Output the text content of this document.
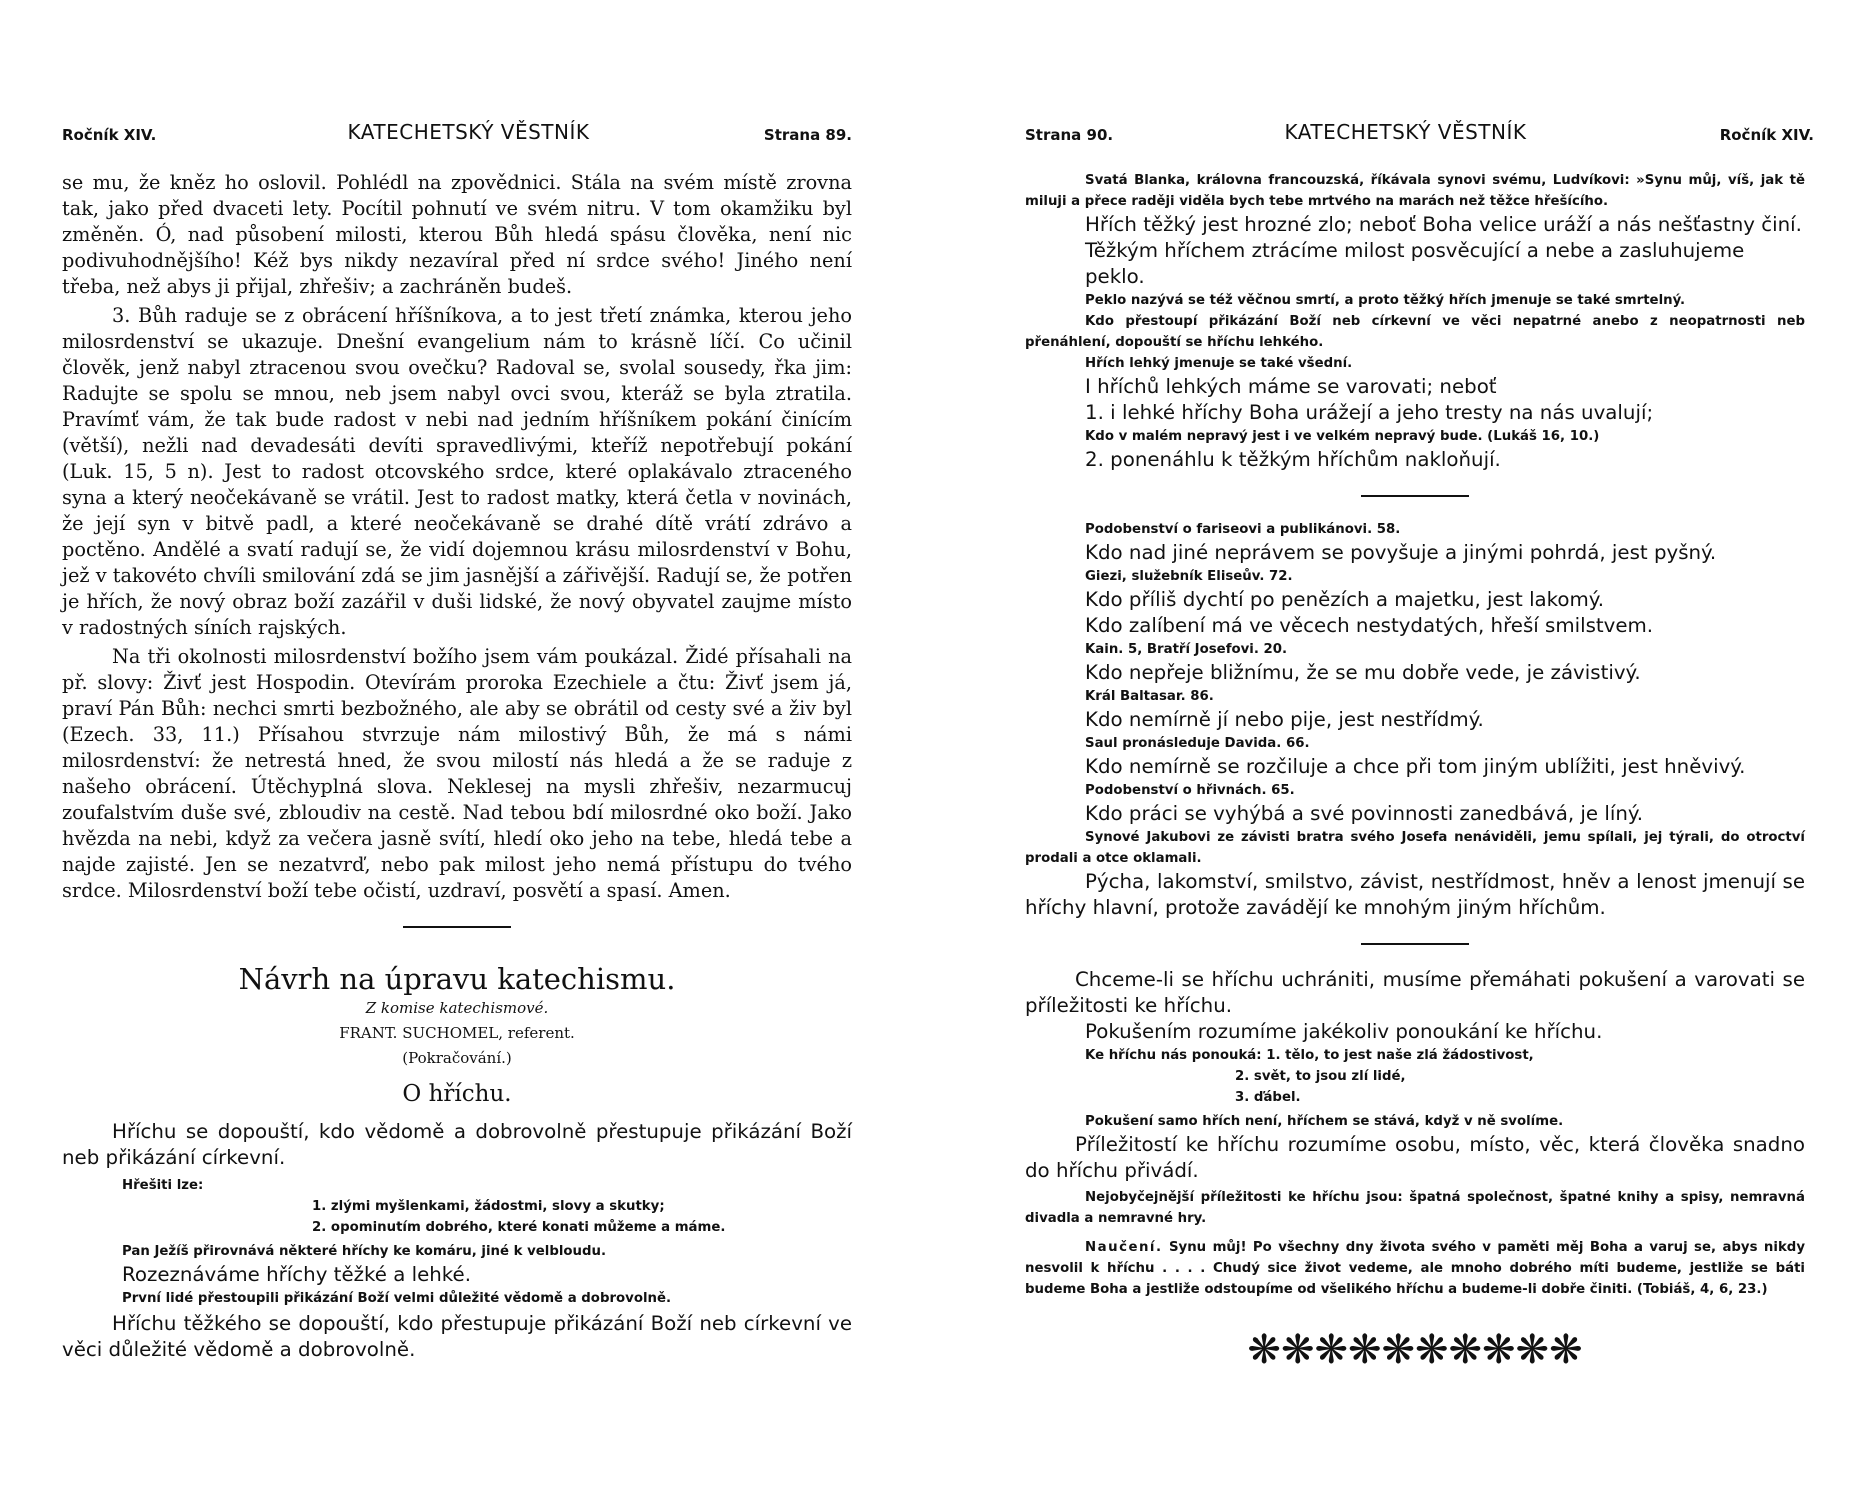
Ročník XIV.	KATECHETSKÝ VĚSTNÍK	Strana 89.

se mu, že kněz ho oslovil. Pohlédl na zpovědnici. Stála na svém místě zrovna tak, jako před dvaceti lety. Pocítil pohnutí ve svém nitru. V tom okamžiku byl změněn. Ó, nad působení milosti, kterou Bůh hledá spásu člověka, není nic podivuhodnějšího! Kéž bys nikdy nezavíral před ní srdce svého! Jiného není třeba, než abys ji přijal, zhřešiv; a zachráněn budeš.

3. Bůh raduje se z obrácení hříšníkova, a to jest třetí známka, kterou jeho milosrdenství se ukazuje. Dnešní evangelium nám to krásně líčí. Co učinil člověk, jenž nabyl ztracenou svou ovečku? Radoval se, svolal sousedy, řka jim: Radujte se spolu se mnou, neb jsem nabyl ovci svou, kteráž se byla ztratila. Pravímť vám, že tak bude radost v nebi nad jedním hříšníkem pokání činícím (větší), nežli nad devadesáti devíti spravedlivými, kteříž nepotřebují pokání (Luk. 15, 5 n). Jest to radost otcovského srdce, které oplakávalo ztraceného syna a který neočekávaně se vrátil. Jest to radost matky, která četla v novinách, že její syn v bitvě padl, a které neočekávaně se drahé dítě vrátí zdrávo a poctěno. Andělé a svatí radují se, že vidí dojemnou krásu milosrdenství v Bohu, jež v takovéto chvíli smilování zdá se jim jasnější a zářivější. Radují se, že potřen je hřích, že nový obraz boží zazářil v duši lidské, že nový obyvatel zaujme místo v radostných síních rajských.

Na tři okolnosti milosrdenství božího jsem vám poukázal. Židé přísahali na př. slovy: Živť jest Hospodin. Otevírám proroka Ezechiele a čtu: Živť jsem já, praví Pán Bůh: nechci smrti bezbožného, ale aby se obrátil od cesty své a živ byl (Ezech. 33, 11.) Přísahou stvrzuje nám milostivý Bůh, že má s námi milosrdenství: že netrestá hned, že svou milostí nás hledá a že se raduje z našeho obrácení. Útěchyplná slova. Neklesej na mysli zhřešiv, nezarmucuj zoufalstvím duše své, zbloudiv na cestě. Nad tebou bdí milosrdné oko boží. Jako hvězda na nebi, když za večera jasně svítí, hledí oko jeho na tebe, hledá tebe a najde zajisté. Jen se nezatvrď, nebo pak milost jeho nemá přístupu do tvého srdce. Milosrdenství boží tebe očistí, uzdraví, posvětí a spasí. Amen.

Návrh na úpravu katechismu.

Z komise katechismové.

FRANT. SUCHOMEL, referent.

(Pokračování.)

O hříchu.

Hříchu se dopouští, kdo vědomě a dobrovolně přestupuje přikázání Boží neb přikázání církevní.

Hřešiti lze:

1. zlými myšlenkami, žádostmi, slovy a skutky;

2. opominutím dobrého, které konati můžeme a máme.

Pan Ježíš přirovnává některé hříchy ke komáru, jiné k velbloudu.

Rozeznáváme hříchy těžké a lehké.

První lidé přestoupili přikázání Boží velmi důležité vědomě a dobrovolně.

Hříchu těžkého se dopouští, kdo přestupuje přikázání Boží neb církevní ve věci důležité vědomě a dobrovolně.

Strana 90.	KATECHETSKÝ VĚSTNÍK	Ročník XIV.

Svatá Blanka, královna francouzská, říkávala synovi svému, Ludvíkovi: »Synu můj, víš, jak tě miluji a přece raději viděla bych tebe mrtvého na marách než těžce hřešícího.

Hřích těžký jest hrozné zlo; neboť Boha velice uráží a nás nešťastny činí.

Těžkým hříchem ztrácíme milost posvěcující a nebe a zasluhujeme peklo.

Peklo nazývá se též věčnou smrtí, a proto těžký hřích jmenuje se také smrtelný.

Kdo přestoupí přikázání Boží neb církevní ve věci nepatrné anebo z neopatrnosti neb přenáhlení, dopouští se hříchu lehkého.

Hřích lehký jmenuje se také všední.

I hříchů lehkých máme se varovati; neboť

1. i lehké hříchy Boha urážejí a jeho tresty na nás uvalují;

Kdo v malém nepravý jest i ve velkém nepravý bude. (Lukáš 16, 10.)

2. ponenáhlu k těžkým hříchům nakloňují.

Podobenství o fariseovi a publikánovi. 58.

Kdo nad jiné neprávem se povyšuje a jinými pohrdá, jest pyšný.

Giezi, služebník Eliseův. 72.

Kdo příliš dychtí po penězích a majetku, jest lakomý.

Kdo zalíbení má ve věcech nestydatých, hřeší smilstvem.

Kain. 5, Bratří Josefovi. 20.

Kdo nepřeje bližnímu, že se mu dobře vede, je závistivý.

Král Baltasar. 86.

Kdo nemírně jí nebo pije, jest nestřídmý.

Saul pronásleduje Davida. 66.

Kdo nemírně se rozčiluje a chce při tom jiným ublížiti, jest hněvivý.

Podobenství o hřivnách. 65.

Kdo práci se vyhýbá a své povinnosti zanedbává, je líný.

Synové Jakubovi ze závisti bratra svého Josefa nenáviděli, jemu spílali, jej týrali, do otroctví prodali a otce oklamali.

Pýcha, lakomství, smilstvo, závist, nestřídmost, hněv a lenost jmenují se hříchy hlavní, protože zavádějí ke mnohým jiným hříchům.

Chceme-li se hříchu uchrániti, musíme přemáhati pokušení a varovati se příležitosti ke hříchu.

Pokušením rozumíme jakékoliv ponoukání ke hříchu.

Ke hříchu nás ponouká: 1. tělo, to jest naše zlá žádostivost,

2. svět, to jsou zlí lidé,

3. ďábel.

Pokušení samo hřích není, hříchem se stává, když v ně svolíme.

Příležitostí ke hříchu rozumíme osobu, místo, věc, která člověka snadno do hříchu přivádí.

Nejobyčejnější příležitosti ke hříchu jsou: špatná společnost, špatné knihy a spisy, nemravná divadla a nemravné hry.

Naučení. Synu můj! Po všechny dny života svého v paměti měj Boha a varuj se, abys nikdy nesvolil k hříchu . . . . Chudý sice život vedeme, ale mnoho dobrého míti budeme, jestliže se báti budeme Boha a jestliže odstoupíme od všelikého hříchu a budeme-li dobře činiti. (Tobiáš, 4, 6, 23.)

❋❋❋❋❋❋❋❋❋❋
